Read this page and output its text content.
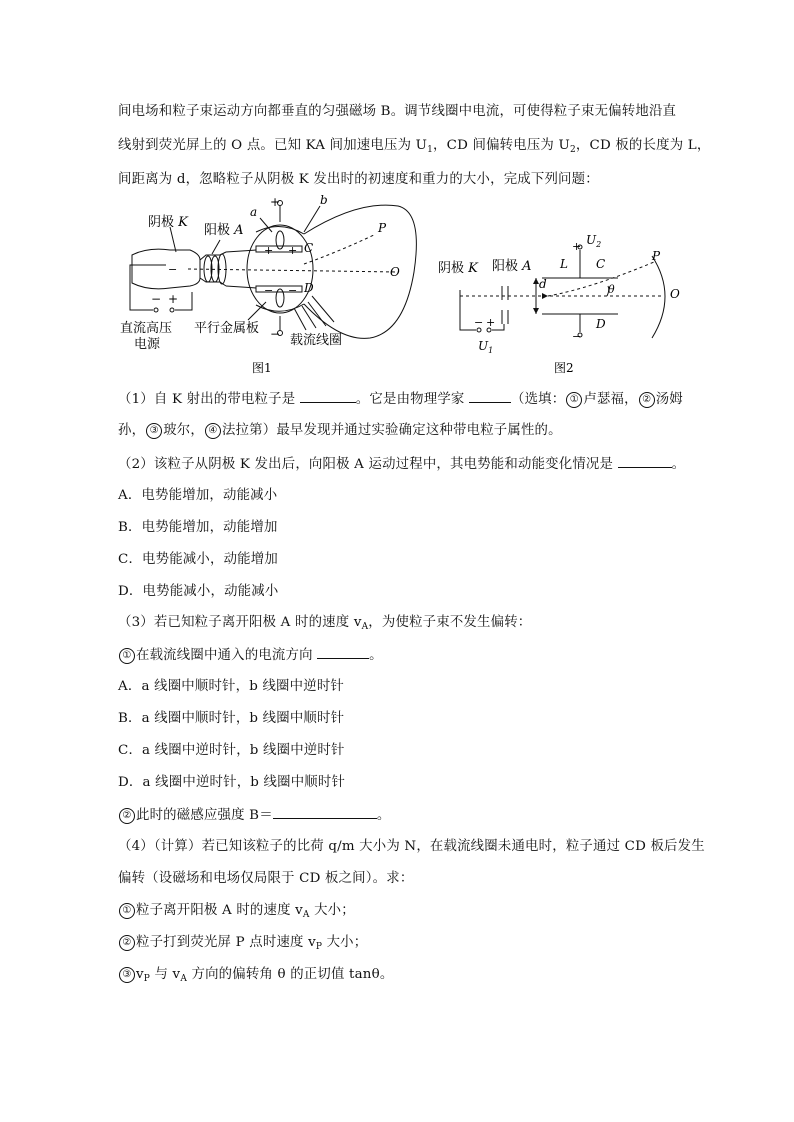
间电场和粒子束运动方向都垂直的匀强磁场 B。调节线圈中电流，可使得粒子束无偏转地沿直
线射到荧光屏上的 O 点。已知 KA 间加速电压为 $U_1$，CD 间偏转电压为 $U_2$，CD 板的长度为 L，
间距离为 d，忽略粒子从阴极 K 发出时的初速度和重力的大小，完成下列问题：
− +
+
−
+ +
− −
−
阴极 K
阳极 A
a
b
C
D
P
O
直流高压
电源
平行金属板
载流线圈
图1
阴极 K 阳极 A L C
D
d	θ
P
O
$U_2$
+
−
− +
$U_1$
图2
（1）自 K 射出的带电粒子是	。它是由物理学家	（选填： ① 卢瑟福， ② 汤姆
孙， ③ 玻尔， ④ 法拉第）最早发现并通过实验确定这种带电粒子属性的。
（2）该粒子从阴极 K 发出后，向阳极 A 运动过程中，其电势能和动能变化情况是	。
A．电势能增加，动能减小
B．电势能增加，动能增加
C．电势能减小，动能增加
D．电势能减小，动能减小
（3）若已知粒子离开阳极 A 时的速度 $v_A$，为使粒子束不发生偏转：
① 在载流线圈中通入的电流方向	。
A．a 线圈中顺时针，b 线圈中逆时针
B．a 线圈中顺时针，b 线圈中顺时针
C．a 线圈中逆时针，b 线圈中逆时针
D．a 线圈中逆时针，b 线圈中顺时针
② 此时的磁感应强度 B＝	。
（4）（计算）若已知该粒子的比荷 q/m 大小为 N，在载流线圈未通电时，粒子通过 CD 板后发生
偏转（设磁场和电场仅局限于 CD 板之间）。求：
① 粒子离开阳极 A 时的速度 $v_A$ 大小；
② 粒子打到荧光屏 P 点时速度 $v_P$ 大小；
③ $v_P$ 与 $v_A$ 方向的偏转角 θ 的正切值 tanθ。
